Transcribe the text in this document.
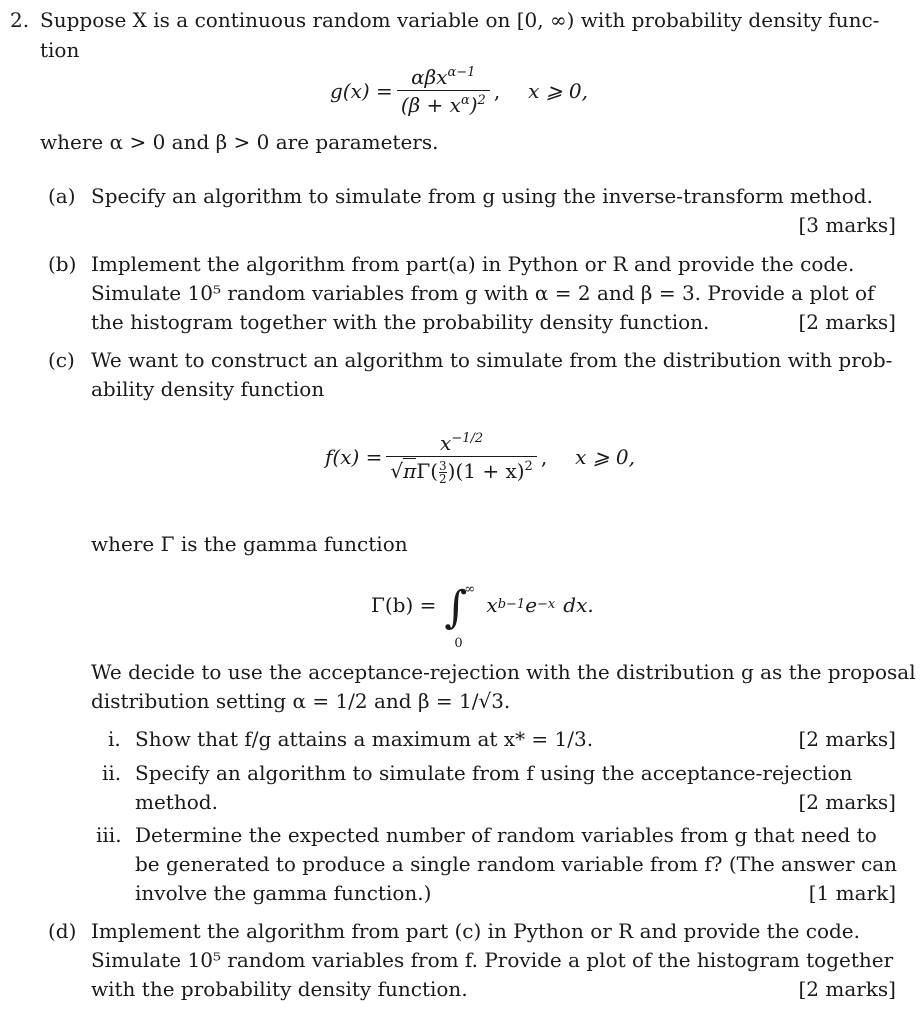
2. Suppose X is a continuous random variable on [0, ∞) with probability density func-
tion
$g(x) = \frac{\alpha\beta x^{\alpha-1}}{(\beta + x^\alpha)^2}$ , x ⩾ 0,
where α > 0 and β > 0 are parameters.
(a) Specify an algorithm to simulate from g using the inverse-transform method.
[3 marks]
(b) Implement the algorithm from part(a) in Python or R and provide the code.
Simulate 10⁵ random variables from g with α = 2 and β = 3. Provide a plot of
the histogram together with the probability density function.	[2 marks]
(c) We want to construct an algorithm to simulate from the distribution with prob-
ability density function
$f(x) = \frac{x^{-1/2}}{√\pi\Gamma( \frac{3}{2} )(1 + x)^2}$ , x ⩾ 0,
where Γ is the gamma function
Γ(b) = ∫
∞
0
x b−1 e −x dx.
We decide to use the acceptance-rejection with the distribution g as the proposal
distribution setting α = 1/2 and β = 1/√3.
i. Show that f/g attains a maximum at x* = 1/3.	[2 marks]
ii. Specify an algorithm to simulate from f using the acceptance-rejection
method.	[2 marks]
iii. Determine the expected number of random variables from g that need to
be generated to produce a single random variable from f? (The answer can
involve the gamma function.)	[1 mark]
(d) Implement the algorithm from part (c) in Python or R and provide the code.
Simulate 10⁵ random variables from f. Provide a plot of the histogram together
with the probability density function.	[2 marks]
